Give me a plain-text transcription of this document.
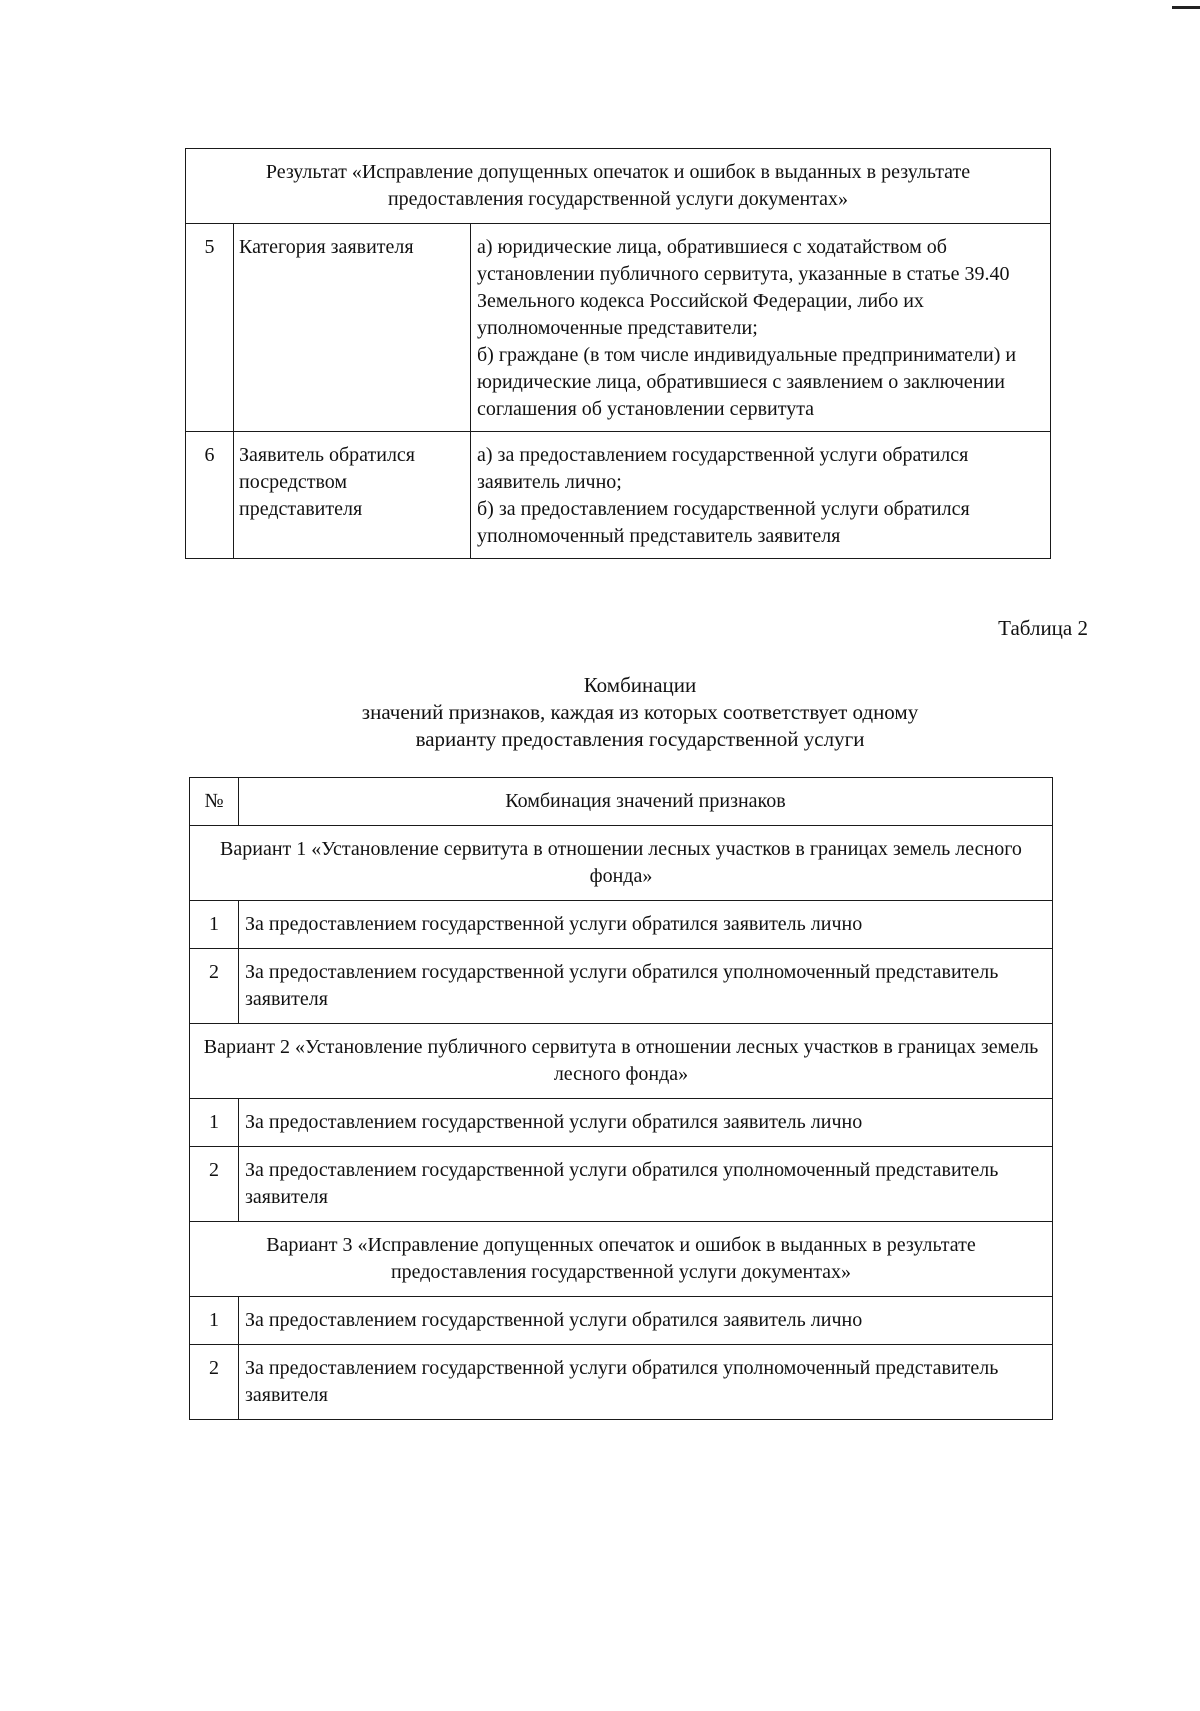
Результат «Исправление допущенных опечаток и ошибок в выданных в результате предоставления государственной услуги документах»		
5	Категория заявителя	а) юридические лица, обратившиеся с ходатайством об установлении публичного сервитута, указанные в статье 39.40 Земельного кодекса Российской Федерации, либо их уполномоченные представители;
б) граждане (в том числе индивидуальные предприниматели) и юридические лица, обратившиеся с заявлением о заключении соглашения об установлении сервитута

6	Заявитель обратился посредством представителя	а) за предоставлением государственной услуги обратился заявитель лично;
б) за предоставлением государственной услуги обратился уполномоченный представитель заявителя
Таблица 2
Комбинации
значений признаков, каждая из которых соответствует одному
варианту предоставления государственной услуги
№	Комбинация значений признаков
Вариант 1 «Установление сервитута в отношении лесных участков в границах земель лесного фонда»	
1	За предоставлением государственной услуги обратился заявитель лично
2	За предоставлением государственной услуги обратился уполномоченный представитель заявителя
Вариант 2 «Установление публичного сервитута в отношении лесных участков в границах земель лесного фонда»	
1	За предоставлением государственной услуги обратился заявитель лично
2	За предоставлением государственной услуги обратился уполномоченный представитель заявителя
Вариант 3 «Исправление допущенных опечаток и ошибок в выданных в результате предоставления государственной услуги документах»	
1	За предоставлением государственной услуги обратился заявитель лично
2	За предоставлением государственной услуги обратился уполномоченный представитель заявителя
